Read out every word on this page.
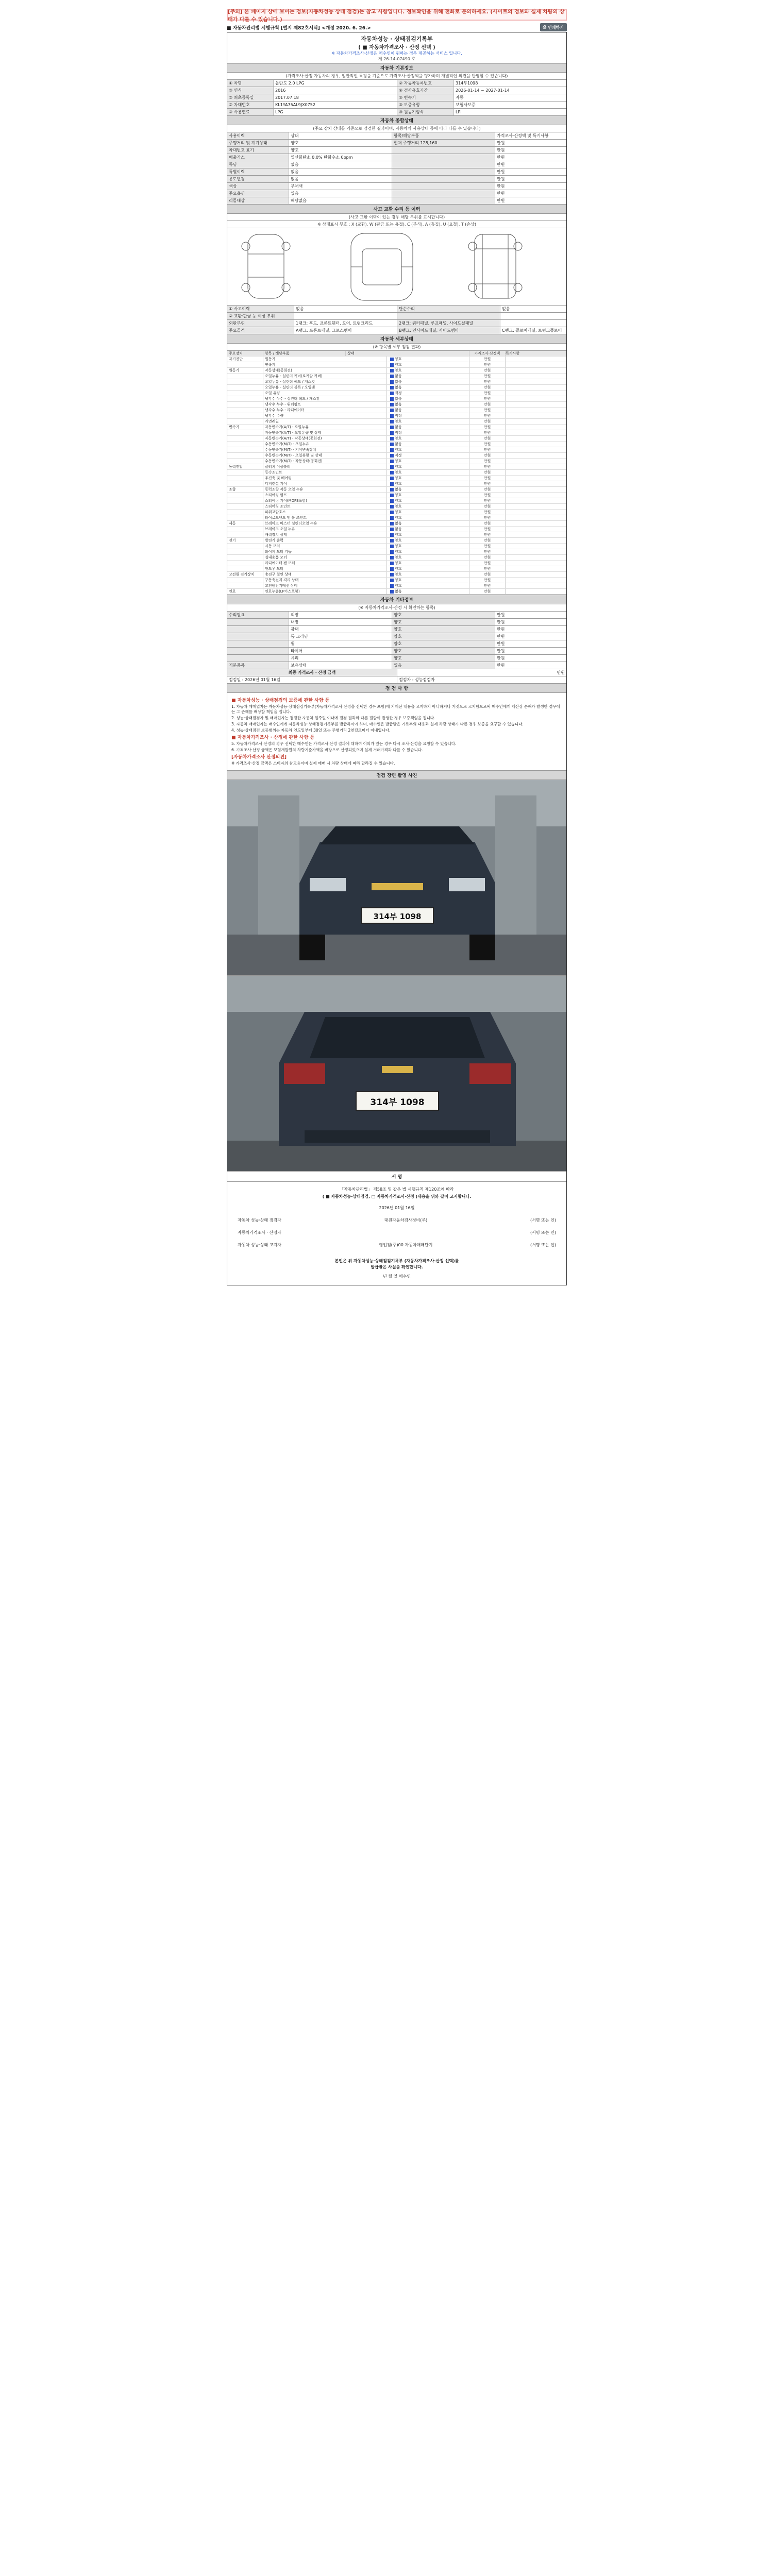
[주의] 본 페이지 상에 보이는 정보(자동차성능 상태 점검)는 참고 사항입니다. 정보확인을 위해 전화로 문의하세요. (사이트의 정보와 실제 차량의 상태가 다를 수 있습니다.)
■ 자동차관리법 시행규칙 [별지 제82호서식] <개정 2020. 6. 26.>	⎙ 인쇄하기
자동차성능 · 상태점검기록부
( ■ 자동차가격조사 · 산정 선택 )
※ 자동차가격조사·산정은 매수인이 원하는 경우 제공하는 서비스 입니다.
제 26-14-07490 호
자동차 기본정보
(가격조사·산정 자동차의 경우, 일반적인 특징을 기준으로 가격조사·산정액을 평가하며 개별적인 의견을 반영할 수 있습니다)
① 차명	올란도 2.0 LPG	② 자동차등록번호	314부1098
③ 연식	2016	④ 검사유효기간	2026-01-14 ~ 2027-01-14
⑤ 최초등록일	2017.07.18	⑥ 변속기	자동
⑦ 차대번호	KL1YA75AL9JX0752	⑧ 보증유형	보험사보증
⑨ 사용연료	LPG	⑩ 원동기형식	LPI
자동차 종합상태
(주요 장치 상태를 기준으로 점검한 결과이며, 자동차의 사용상태 등에 따라 다를 수 있습니다)
사용이력	상태	항목/해당부품	가격조사·산정액 및 특기사항
주행거리 및 계기상태	양호	현재 주행거리 128,160	만원
차대번호 표기	양호	만원
배출가스	일산화탄소 0.0% 탄화수소 0ppm	만원
튜닝	없음	만원
특별이력	없음	만원
용도변경	없음	만원
색상	무채색	만원
주요옵션	있음	만원
리콜대상	해당없음	만원
사고 교환 수리 등 이력
(사고·교환 이력이 있는 경우 해당 부위를 표시합니다)
※ 상태표시 부호 : X (교환), W (판금 또는 용접), C (부식), A (흠집), U (요철), T (손상)
① 사고이력	없음	단순수리	없음
② 교환·판금 등 이상 부위
외판부위	1랭크: 후드, 프론트휀더, 도어, 트렁크리드	2랭크: 쿼터패널, 루프패널, 사이드실패널
주요골격	A랭크: 프론트패널, 크로스멤버	B랭크: 인사이드패널, 사이드멤버	C랭크: 플로어패널, 트렁크플로어
자동차 세부상태
(※ 항목별 세부 점검 결과)
주요장치	항목 / 해당부품	상태	가격조사·산정액	특기사항
자기진단	원동기	양호	만원
변속기	양호	만원
원동기	작동상태(공회전)	양호	만원
오일누유 - 실린더 커버(로커암 커버)	없음	만원
오일누유 - 실린더 헤드 / 개스킷	없음	만원
오일누유 - 실린더 블록 / 오일팬	없음	만원
오일 유량	적정	만원
냉각수 누수 - 실린더 헤드 / 개스킷	없음	만원
냉각수 누수 - 워터펌프	없음	만원
냉각수 누수 - 라디에이터	없음	만원
냉각수 수량	적정	만원
커먼레일	양호	만원
변속기	자동변속기(A/T) - 오일누유	없음	만원
자동변속기(A/T) - 오일유량 및 상태	적정	만원
자동변속기(A/T) - 작동상태(공회전)	양호	만원
수동변속기(M/T) - 오일누유	없음	만원
수동변속기(M/T) - 기어변속장치	양호	만원
수동변속기(M/T) - 오일유량 및 상태	적정	만원
수동변속기(M/T) - 작동상태(공회전)	양호	만원
동력전달	클러치 어셈블리	양호	만원
등속조인트	양호	만원
추진축 및 베어링	양호	만원
디퍼렌셜 기어	양호	만원
조향	동력조향 작동 오일 누유	없음	만원
스티어링 펌프	양호	만원
스티어링 기어(MDPS포함)	양호	만원
스티어링 조인트	양호	만원
파워고압호스	양호	만원
타이로드엔드 및 볼 조인트	양호	만원
제동	브레이크 마스터 실린더오일 누유	없음	만원
브레이크 오일 누유	없음	만원
배력장치 상태	양호	만원
전기	발전기 출력	양호	만원
시동 모터	양호	만원
와이퍼 모터 기능	양호	만원
실내송풍 모터	양호	만원
라디에이터 팬 모터	양호	만원
윈도우 모터	양호	만원
고전원 전기장치	충전구 절연 상태	양호	만원
구동축전지 격리 상태	양호	만원
고전원전기배선 상태	양호	만원
연료	연료누출(LP가스포함)	없음	만원
자동차 기타정보
(※ 자동차가격조사·산정 시 확인하는 항목)
수리필요	외장	양호	만원
내장	양호	만원
광택	양호	만원
룸 크리닝	양호	만원
휠	양호	만원
타이어	양호	만원
유리	양호	만원
기본품목	보유상태	있음	만원
최종 가격조사 · 산정 금액	만원
점검일 : 2026년 01월 16일	점검자 : 성능점검자
점 검 사 항
■ 자동차성능 · 상태점검의 보증에 관한 사항 등

1. 자동차 매매업자는 자동차성능·상태점검기록부(자동차가격조사·산정을 선택한 경우 포함)에 기재된 내용을 고지하지 아니하거나 거짓으로 고지함으로써 매수인에게 재산상 손해가 발생한 경우에는 그 손해를 배상할 책임을 집니다.

2. 성능·상태점검자 및 매매업자는 점검한 자동차 일주일 이내에 점검 결과와 다른 결함이 발생한 경우 보증책임을 집니다.

3. 자동차 매매업자는 매수인에게 자동차성능·상태점검기록부를 발급하여야 하며, 매수인은 발급받은 기록부의 내용과 실제 차량 상태가 다른 경우 보증을 요구할 수 있습니다.

4. 성능·상태점검 보증범위는 자동차 인도일부터 30일 또는 주행거리 2천킬로미터 이내입니다.

■ 자동차가격조사 · 산정에 관한 사항 등

5. 자동차가격조사·산정의 경우 선택한 매수인은 가격조사·산정 결과에 대하여 이의가 있는 경우 다시 조사·산정을 요청할 수 있습니다.

6. 가격조사·산정 금액은 보험개발원의 차량기준가액을 바탕으로 산정되었으며 실제 거래가격과 다를 수 있습니다.

[자동차가격조사 산정의견]

※ 가격조사·산정 금액은 소비자의 참고용이며 실제 매매 시 차량 상태에 따라 달라질 수 있습니다.

점검 장면 촬영 사진
314부 1098
314부 1098
서 명
「자동차관리법」 제58조 및 같은 법 시행규칙 제120조에 따라
( ■ 자동차성능·상태점검, □ 자동차가격조사·산정 )내용을 위와 같이 고지합니다.
2026년 01월 16일
자동차 성능·상태 점검자	대원자동차검사정비(주)	(서명 또는 인)
자동차가격조사 · 산정자	(서명 또는 인)
자동차 성능·상태 고지자	영업점(주)00 자동차매매단지	(서명 또는 인)
본인은 위 자동차성능·상태점검기록부 (자동차가격조사·산정 선택)를
발급받은 사실을 확인합니다.
년 월 일 매수인
